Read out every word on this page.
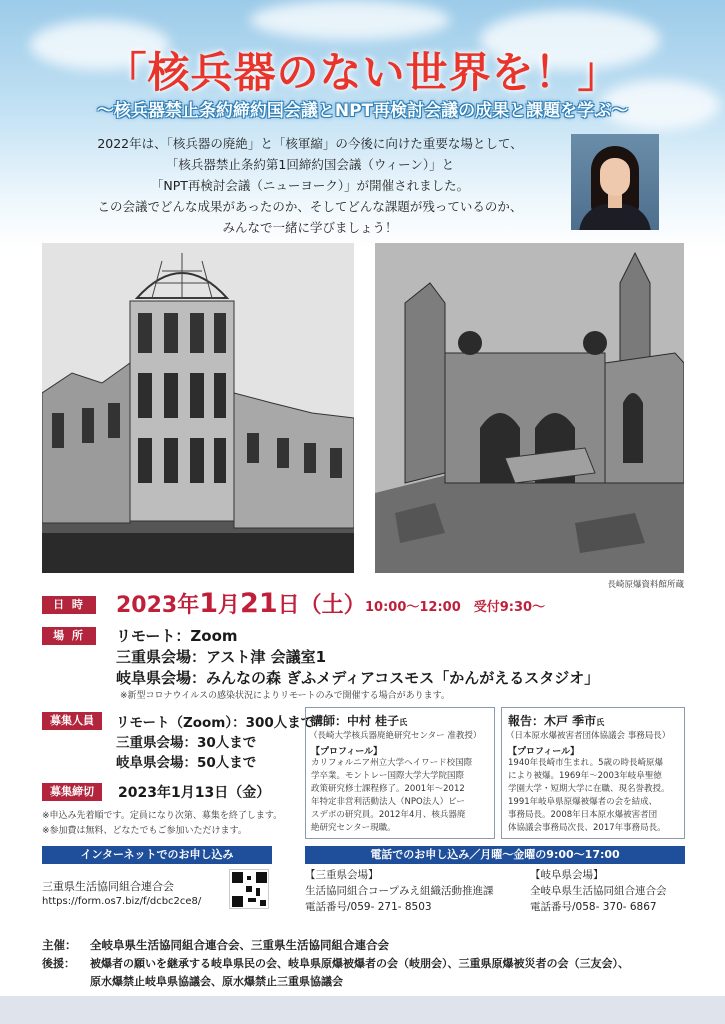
「核兵器のない世界を！」
〜核兵器禁止条約締約国会議とNPT再検討会議の成果と課題を学ぶ〜
2022年は、「核兵器の廃絶」と「核軍縮」の今後に向けた重要な場として、
「核兵器禁止条約第1回締約国会議（ウィーン）」と
「NPT再検討会議（ニューヨーク）」が開催されました。
この会議でどんな成果があったのか、そしてどんな課題が残っているのか、
みんなで一緒に学びましょう！
長崎原爆資料館所蔵
日 時	2023年1月21日（土） 10:00〜12:00　受付9:30〜
場 所	リモート：Zoom
三重県会場：アスト津 会議室1
岐阜県会場：みんなの森 ぎふメディアコスモス「かんがえるスタジオ」
※新型コロナウイルスの感染状況によりリモートのみで開催する場合があります。
募集人員	リモート（Zoom）：300人まで
三重県会場：30人まで
岐阜県会場：50人まで
募集締切	2023年1月13日（金）
※申込み先着順です。定員になり次第、募集を終了します。
※参加費は無料、どなたでもご参加いただけます。
講師：中村 桂子氏
（長崎大学核兵器廃絶研究センター 准教授）
【プロフィール】
カリフォルニア州立大学ヘイワード校国際
学卒業。モントレー国際大学大学院国際
政策研究修士課程修了。2001年〜2012
年特定非営利活動法人（NPO法人）ピー
スデポの研究員。2012年4月、核兵器廃
絶研究センター現職。
報告：木戸 季市氏
（日本原水爆被害者団体協議会 事務局長）
【プロフィール】
1940年長崎市生まれ。5歳の時長崎原爆
により被爆。1969年〜2003年岐阜聖徳
学園大学・短期大学に在職、現名誉教授。
1991年岐阜県原爆被爆者の会を結成、
事務局長。2008年日本原水爆被害者団
体協議会事務局次長、2017年事務局長。
インターネットでのお申し込み
三重県生活協同組合連合会
https://form.os7.biz/f/dcbc2ce8/
電話でのお申し込み／月曜〜金曜の9:00〜17:00
【三重県会場】
生活協同組合コープみえ組織活動推進課
電話番号/059- 271- 8503
【岐阜県会場】
全岐阜県生活協同組合連合会
電話番号/058- 370- 6867
主催： 全岐阜県生活協同組合連合会、三重県生活協同組合連合会
後援： 被爆者の願いを継承する岐阜県民の会、岐阜県原爆被爆者の会（岐朋会）、三重県原爆被災者の会（三友会）、
原水爆禁止岐阜県協議会、原水爆禁止三重県協議会
